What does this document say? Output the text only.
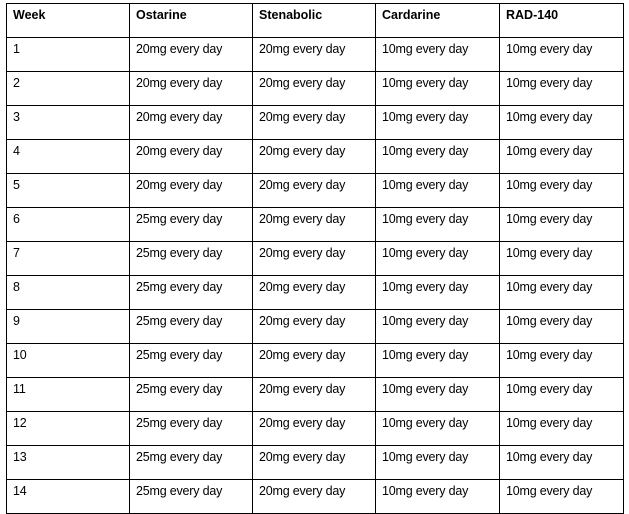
Week	Ostarine	Stenabolic	Cardarine	RAD-140
1	20mg every day	20mg every day	10mg every day	10mg every day
2	20mg every day	20mg every day	10mg every day	10mg every day
3	20mg every day	20mg every day	10mg every day	10mg every day
4	20mg every day	20mg every day	10mg every day	10mg every day
5	20mg every day	20mg every day	10mg every day	10mg every day
6	25mg every day	20mg every day	10mg every day	10mg every day
7	25mg every day	20mg every day	10mg every day	10mg every day
8	25mg every day	20mg every day	10mg every day	10mg every day
9	25mg every day	20mg every day	10mg every day	10mg every day
10	25mg every day	20mg every day	10mg every day	10mg every day
11	25mg every day	20mg every day	10mg every day	10mg every day
12	25mg every day	20mg every day	10mg every day	10mg every day
13	25mg every day	20mg every day	10mg every day	10mg every day
14	25mg every day	20mg every day	10mg every day	10mg every day
